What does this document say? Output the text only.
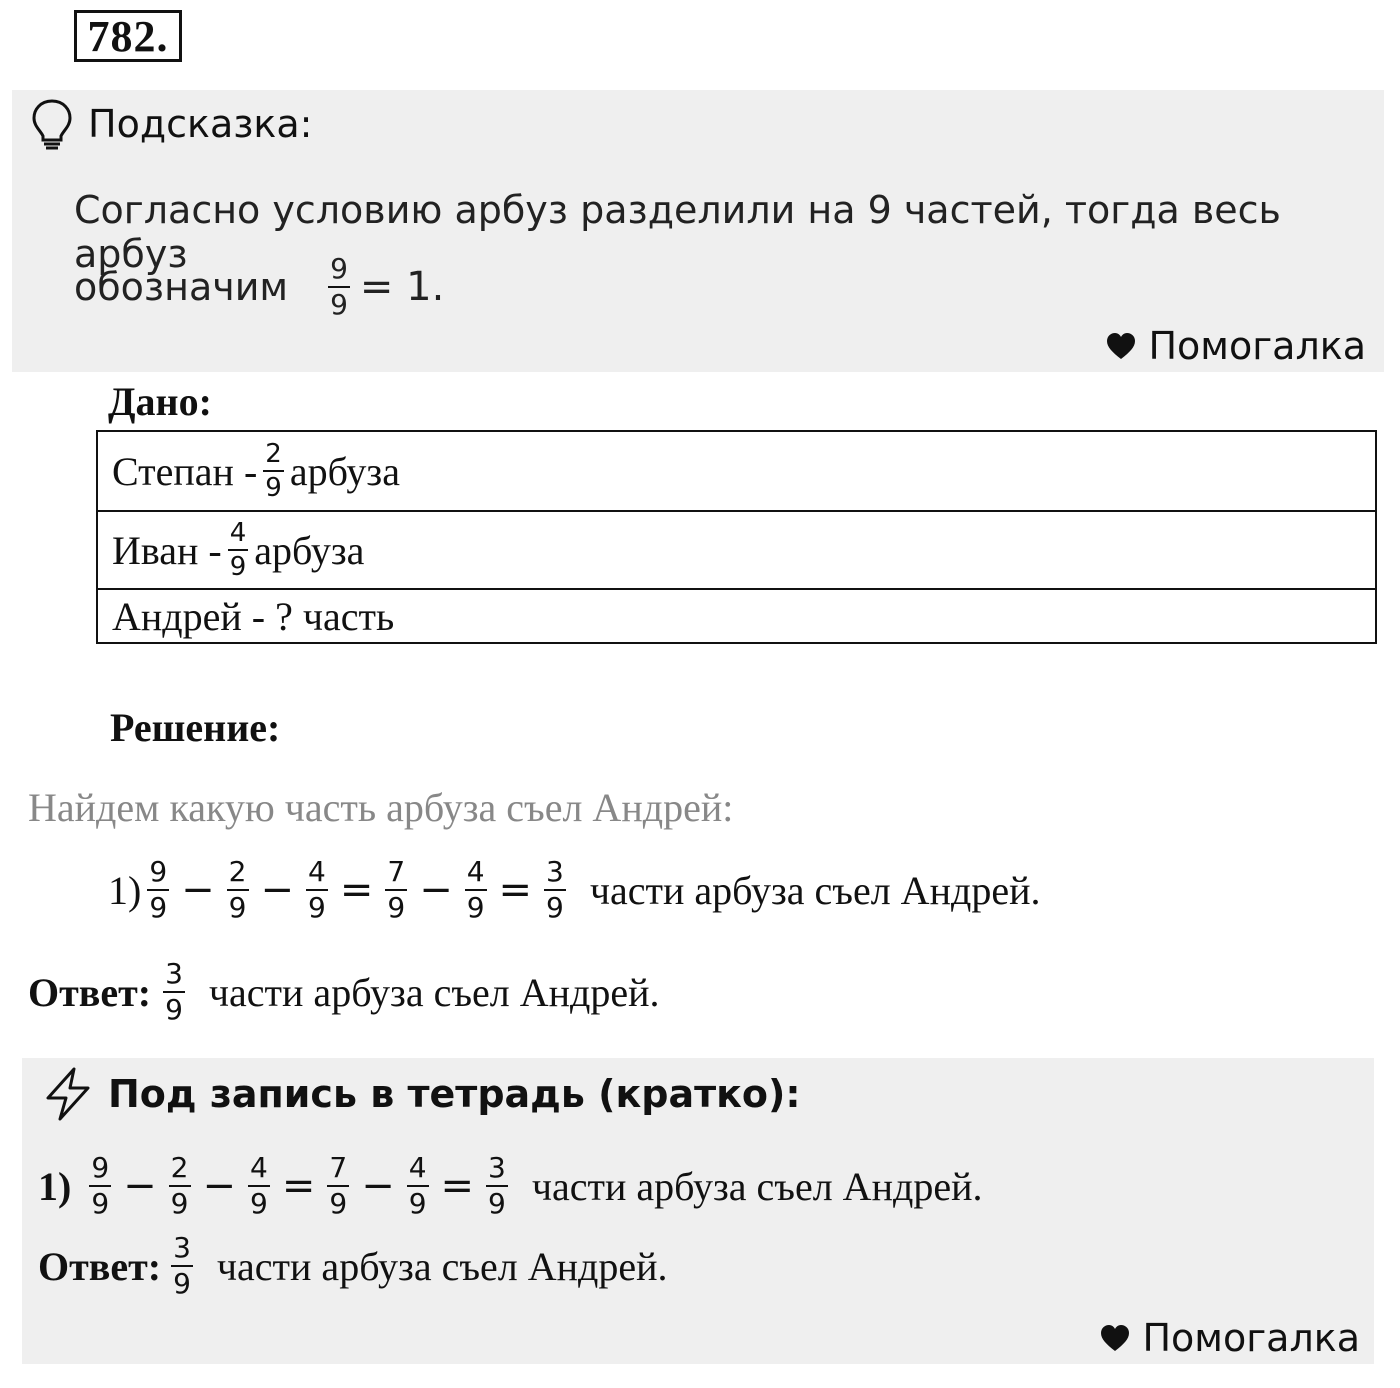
782.
Подсказка:
Согласно условию арбуз разделили на 9 частей, тогда весь арбуз
обозначим $\frac{9}{9} = 1$.
Помогалка
Дано:
Степан - $\frac{2}{9}$ арбуза
Иван - $\frac{4}{9}$ арбуза
Андрей - ? часть
Решение:
Найдем какую часть арбуза съел Андрей:
$1) \frac{9}{9} - \frac{2}{9} - \frac{4}{9} = \frac{7}{9} - \frac{4}{9} = \frac{3}{9}$ части арбуза съел Андрей.
Ответ: $\frac{3}{9}$ части арбуза съел Андрей.
Под запись в тетрадь (кратко):
$1) \frac{9}{9} - \frac{2}{9} - \frac{4}{9} = \frac{7}{9} - \frac{4}{9} = \frac{3}{9}$ части арбуза съел Андрей.
Ответ: $\frac{3}{9}$ части арбуза съел Андрей.
Помогалка
